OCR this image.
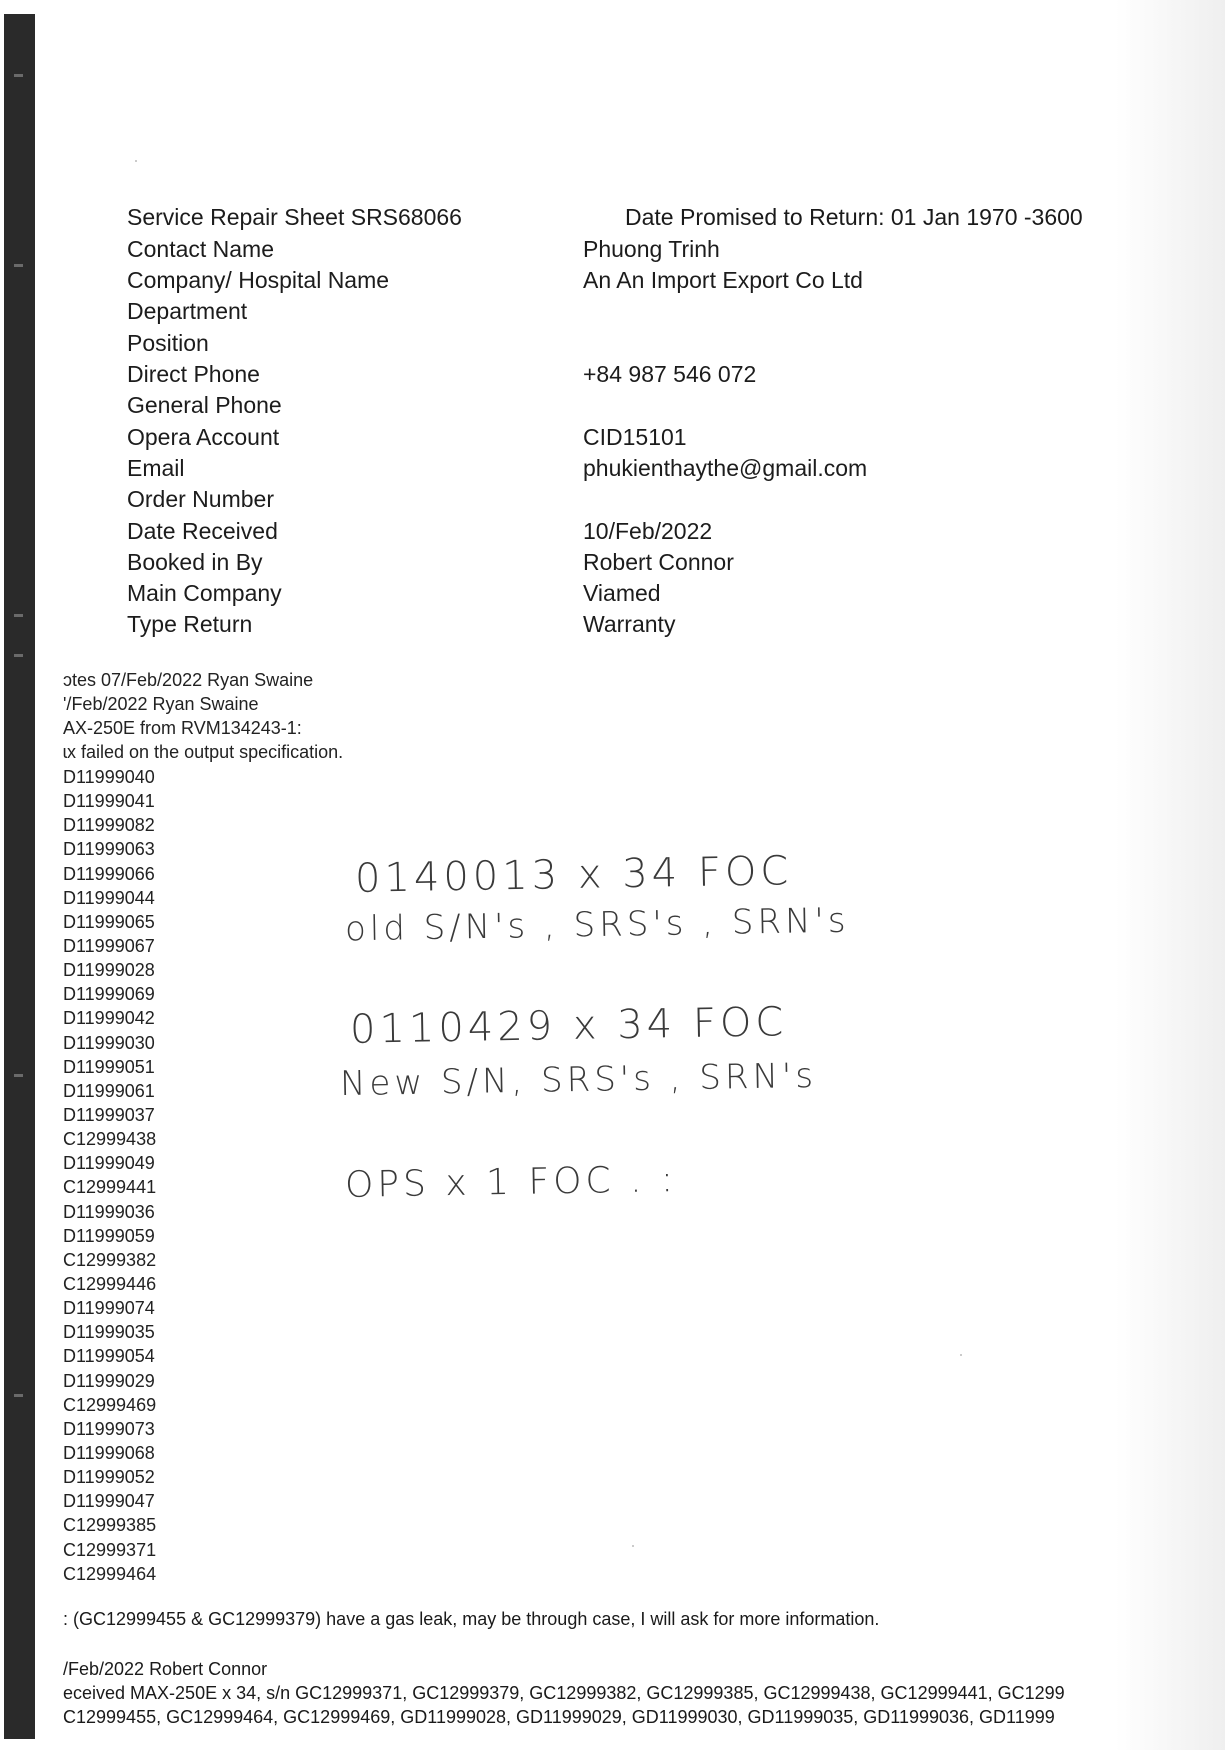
Service Repair Sheet SRS68066	Date Promised to Return: 01 Jan 1970 -3600
Contact Name	Phuong Trinh
Company/ Hospital Name	An An Import Export Co Ltd
Department
Position
Direct Phone	+84 987 546 072
General Phone
Opera Account	CID15101
Email	phukienthaythe@gmail.com
Order Number
Date Received	10/Feb/2022
Booked in By	Robert Connor
Main Company	Viamed
Type Return	Warranty
ɔtes 07/Feb/2022 Ryan Swaine
'/Feb/2022 Ryan Swaine
AX-250E from RVM134243-1:
ɩx failed on the output specification.
D11999040
D11999041
D11999082
D11999063
D11999066
D11999044
D11999065
D11999067
D11999028
D11999069
D11999042
D11999030
D11999051
D11999061
D11999037
C12999438
D11999049
C12999441
D11999036
D11999059
C12999382
C12999446
D11999074
D11999035
D11999054
D11999029
C12999469
D11999073
D11999068
D11999052
D11999047
C12999385
C12999371
C12999464
0140013 x 34 FOC
old S/N's , SRS's , SRN's
0110429 x 34 FOC
New S/N, SRS's , SRN's
OPS x 1 FOC . :
: (GC12999455 & GC12999379) have a gas leak, may be through case, I will ask for more information.
/Feb/2022 Robert Connor
eceived MAX-250E x 34, s/n GC12999371, GC12999379, GC12999382, GC12999385, GC12999438, GC12999441, GC1299
C12999455, GC12999464, GC12999469, GD11999028, GD11999029, GD11999030, GD11999035, GD11999036, GD11999
